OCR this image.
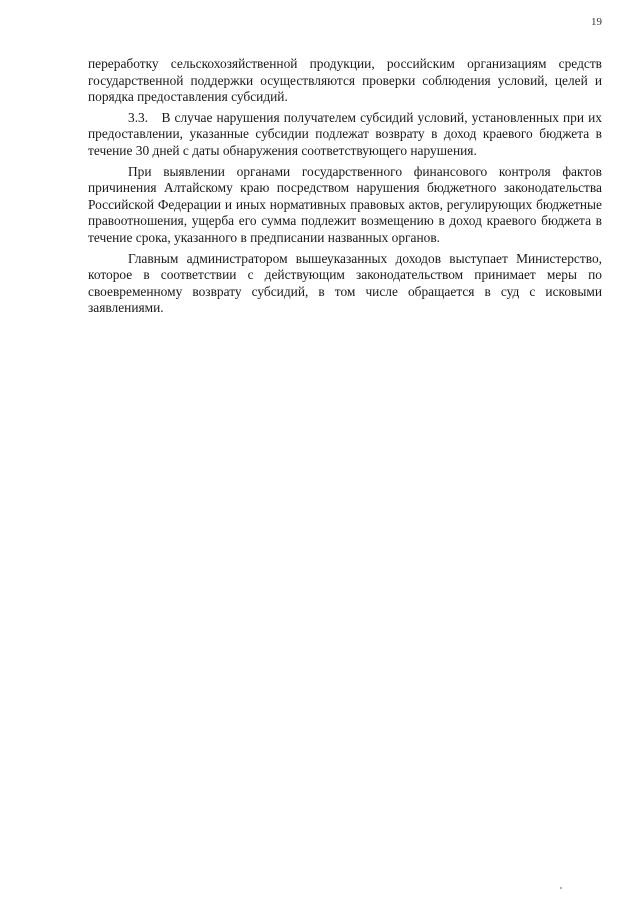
19

переработку сельскохозяйственной продукции, российским организациям средств государственной поддержки осуществляются проверки соблюдения условий, целей и порядка предоставления субсидий.

3.3. В случае нарушения получателем субсидий условий, установленных при их предоставлении, указанные субсидии подлежат возврату в доход краевого бюджета в течение 30 дней с даты обнаружения соответствующего нарушения.

При выявлении органами государственного финансового контроля фактов причинения Алтайскому краю посредством нарушения бюджетного законодательства Российской Федерации и иных нормативных правовых актов, регулирующих бюджетные правоотношения, ущерба его сумма подлежит возмещению в доход краевого бюджета в течение срока, указанного в предписании названных органов.

Главным администратором вышеуказанных доходов выступает Министерство, которое в соответствии с действующим законодательством принимает меры по своевременному возврату субсидий, в том числе обращается в суд с исковыми заявлениями.
